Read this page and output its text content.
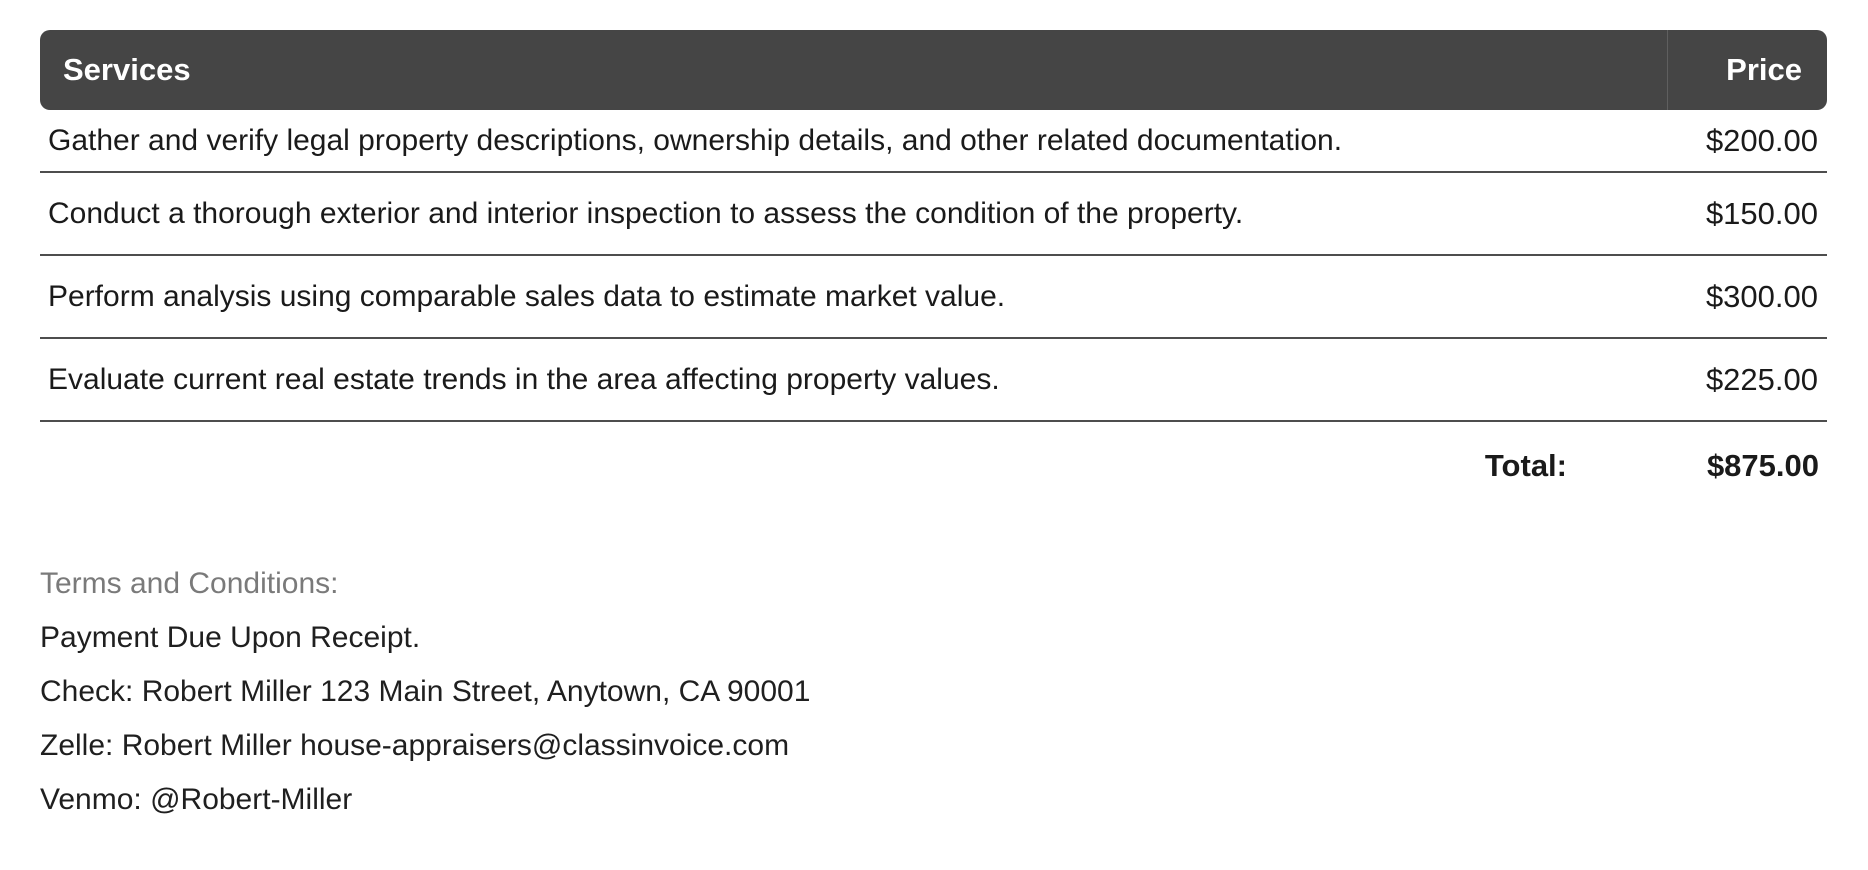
Services	Price
Gather and verify legal property descriptions, ownership details, and other related documentation.	$200.00
Conduct a thorough exterior and interior inspection to assess the condition of the property.	$150.00
Perform analysis using comparable sales data to estimate market value.	$300.00
Evaluate current real estate trends in the area affecting property values.	$225.00
Total:	$875.00

Terms and Conditions:

Payment Due Upon Receipt.

Check: Robert Miller 123 Main Street, Anytown, CA 90001

Zelle: Robert Miller house-appraisers@classinvoice.com

Venmo: @Robert-Miller
